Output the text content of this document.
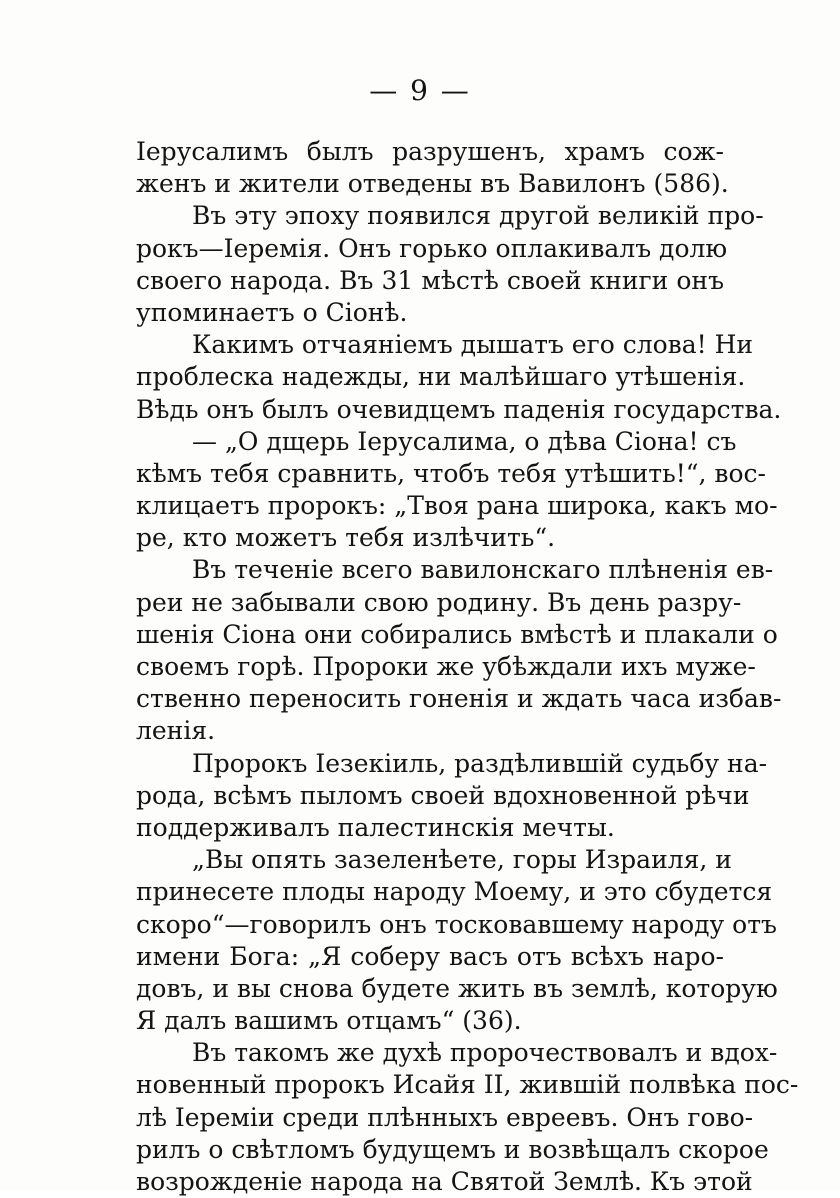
— 9 —
Іерусалимъ былъ разрушенъ, храмъ сож-
женъ и жители отведены въ Вавилонъ (586).
Въ эту эпоху появился другой великій про-
рокъ—Іеремія. Онъ горько оплакивалъ долю
своего народа. Въ 31 мѣстѣ своей книги онъ
упоминаетъ о Сіонѣ.
Какимъ отчаяніемъ дышатъ его слова! Ни
проблеска надежды, ни малѣйшаго утѣшенія.
Вѣдь онъ былъ очевидцемъ паденія государства.
— „О дщерь Іерусалима, о дѣва Сіона! съ
кѣмъ тебя сравнить, чтобъ тебя утѣшить!“, вос-
клицаетъ пророкъ: „Твоя рана широка, какъ мо-
ре, кто можетъ тебя излѣчить“.
Въ теченіе всего вавилонскаго плѣненія ев-
реи не забывали свою родину. Въ день разру-
шенія Сіона они собирались вмѣстѣ и плакали о
своемъ горѣ. Пророки же убѣждали ихъ муже-
ственно переносить гоненія и ждать часа избав-
ленія.
Пророкъ Іезекіиль, раздѣлившій судьбу на-
рода, всѣмъ пыломъ своей вдохновенной рѣчи
поддерживалъ палестинскія мечты.
„Вы опять зазеленѣете, горы Израиля, и
принесете плоды народу Моему, и это сбудется
скоро“—говорилъ онъ тосковавшему народу отъ
имени Бога: „Я соберу васъ отъ всѣхъ наро-
довъ, и вы снова будете жить въ землѣ, которую
Я далъ вашимъ отцамъ“ (36).
Въ такомъ же духѣ пророчествовалъ и вдох-
новенный пророкъ Исайя II, жившій полвѣка пос-
лѣ Іереміи среди плѣнныхъ евреевъ. Онъ гово-
рилъ о свѣтломъ будущемъ и возвѣщалъ скорое
возрожденіе народа на Святой Землѣ. Къ этой
